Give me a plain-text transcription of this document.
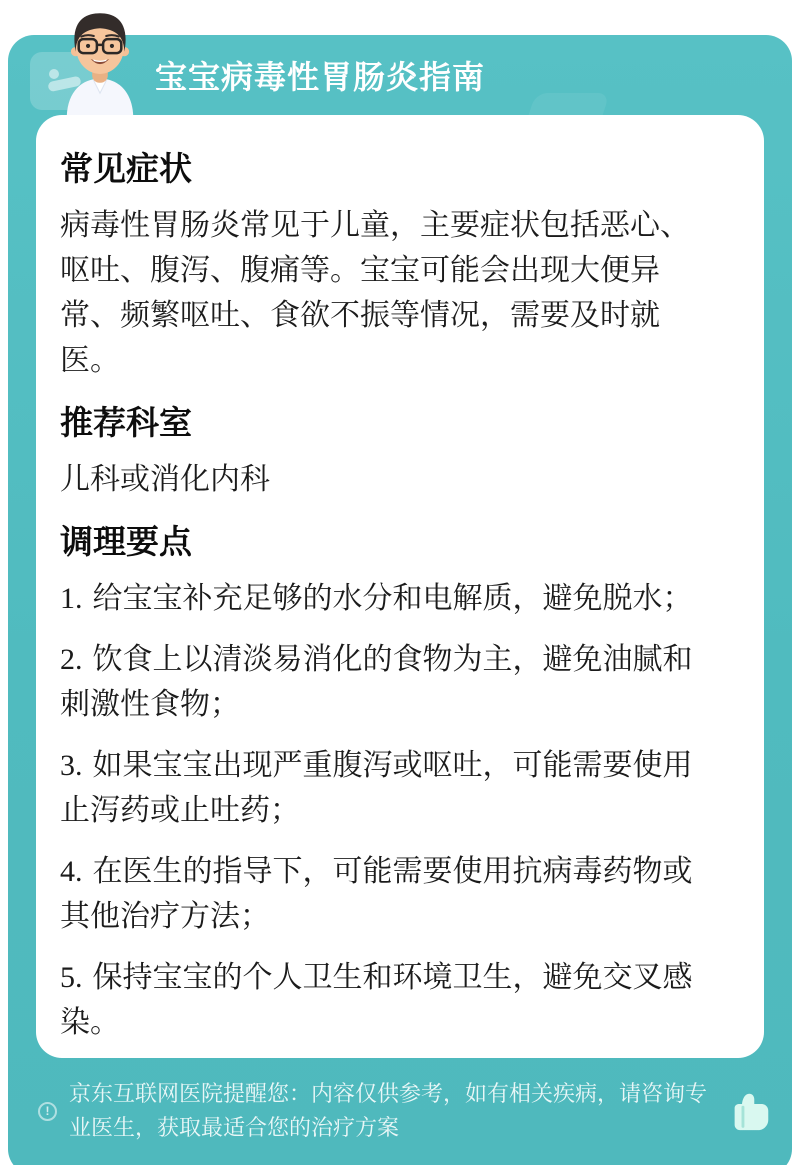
宝宝病毒性胃肠炎指南
常见症状

病毒性胃肠炎常见于儿童，主要症状包括恶心、呕吐、腹泻、腹痛等。宝宝可能会出现大便异常、频繁呕吐、食欲不振等情况，需要及时就医。

推荐科室

儿科或消化内科

调理要点
1. 给宝宝补充足够的水分和电解质，避免脱水；
2. 饮食上以清淡易消化的食物为主，避免油腻和刺激性食物；
3. 如果宝宝出现严重腹泻或呕吐，可能需要使用止泻药或止吐药；
4. 在医生的指导下，可能需要使用抗病毒药物或其他治疗方法；
5. 保持宝宝的个人卫生和环境卫生，避免交叉感染。
!
京东互联网医院提醒您：内容仅供参考，如有相关疾病，请咨询专业医生，获取最适合您的治疗方案
